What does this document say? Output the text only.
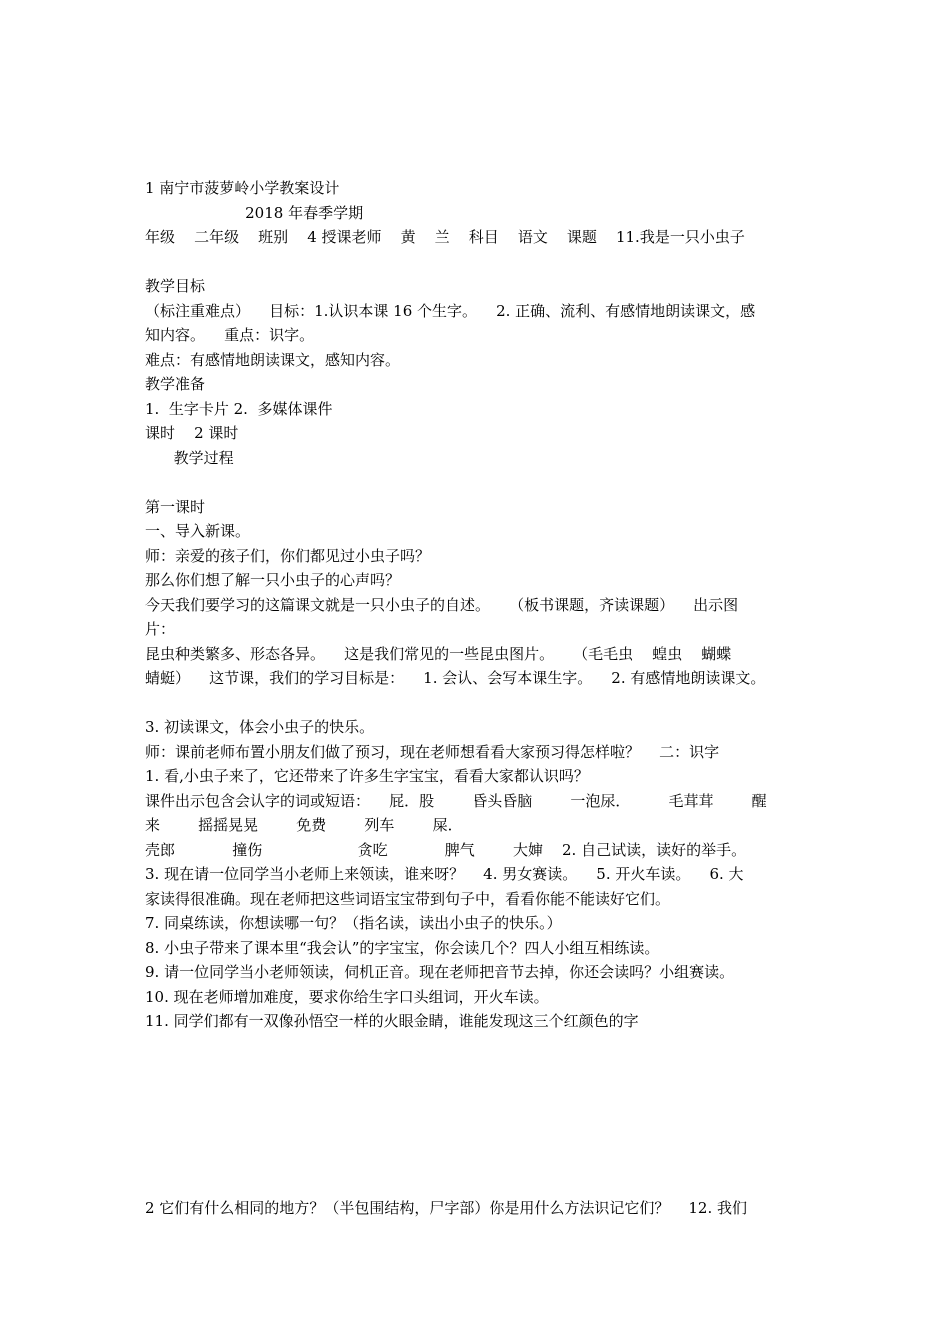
1 南宁市菠萝岭小学教案设计
2018 年春季学期
年级    二年级    班别    4 授课老师    黄    兰    科目    语文    课题    11.我是一只小虫子
教学目标
（标注重难点）    目标：1.认识本课 16 个生字。    2. 正确、流利、有感情地朗读课文，感
知内容。    重点：识字。
难点：有感情地朗读课文，感知内容。
教学准备
1.  生字卡片 2.  多媒体课件
课时    2 课时
教学过程
第一课时
一、导入新课。
师：亲爱的孩子们，你们都见过小虫子吗？
那么你们想了解一只小虫子的心声吗？
今天我们要学习的这篇课文就是一只小虫子的自述。    （板书课题，齐读课题）    出示图
片：
昆虫种类繁多、形态各异。    这是我们常见的一些昆虫图片。    （毛毛虫    蝗虫    蝴蝶
蜻蜓）    这节课，我们的学习目标是：    1. 会认、会写本课生字。    2. 有感情地朗读课文。
3. 初读课文，体会小虫子的快乐。
师：课前老师布置小朋友们做了预习，现在老师想看看大家预习得怎样啦？    二：识字
1. 看,小虫子来了，它还带来了许多生字宝宝，看看大家都认识吗？
课件出示包含会认字的词或短语：    屁．股        昏头昏脑        一泡尿．        毛茸茸        醒
来        摇摇晃晃        免费        列车        屎．
壳郎            撞伤                    贪吃            脾气        大婶    2. 自己试读，读好的举手。
3. 现在请一位同学当小老师上来领读，谁来呀？    4. 男女赛读。    5. 开火车读。    6. 大
家读得很准确。现在老师把这些词语宝宝带到句子中，看看你能不能读好它们。
7. 同桌练读，你想读哪一句？（指名读，读出小虫子的快乐。）
8. 小虫子带来了课本里“我会认”的字宝宝，你会读几个？四人小组互相练读。
9. 请一位同学当小老师领读，伺机正音。现在老师把音节去掉，你还会读吗？小组赛读。
10. 现在老师增加难度，要求你给生字口头组词，开火车读。
11. 同学们都有一双像孙悟空一样的火眼金睛，谁能发现这三个红颜色的字
2 它们有什么相同的地方？（半包围结构，尸字部）你是用什么方法识记它们？    12. 我们
